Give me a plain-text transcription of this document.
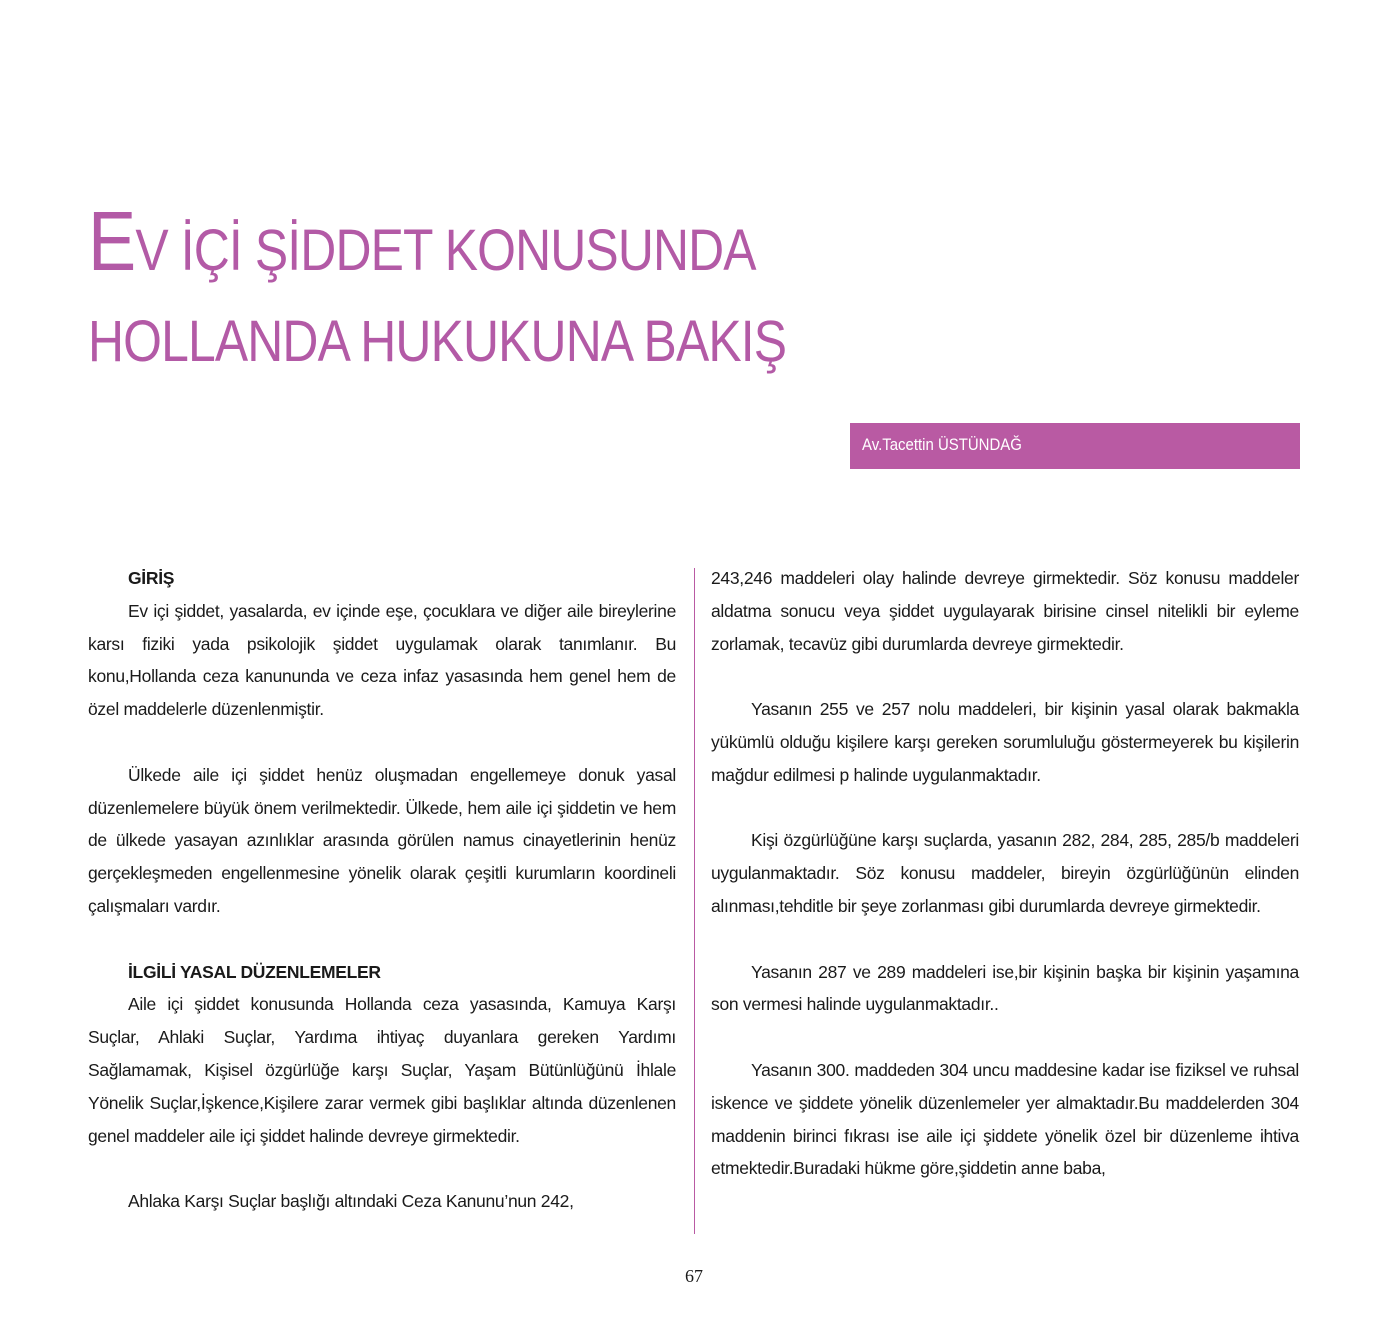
EV İÇİ ŞİDDET KONUSUNDA
HOLLANDA HUKUKUNA BAKIŞ
Av.Tacettin ÜSTÜNDAĞ
GİRİŞ

Ev içi şiddet, yasalarda, ev içinde eşe, çocuklara ve diğer aile bireylerine karsı fiziki yada psikolojik şiddet uygulamak olarak tanımlanır. Bu konu,Hollanda ceza kanununda ve ceza infaz yasasında hem genel hem de özel maddelerle düzenlenmiştir.

Ülkede aile içi şiddet henüz oluşmadan engellemeye donuk yasal düzenlemelere büyük önem verilmektedir. Ülkede, hem aile içi şiddetin ve hem de ülkede yasayan azınlıklar arasında görülen namus cinayetlerinin henüz gerçekleşmeden engellenmesine yönelik olarak çeşitli kurumların koordineli çalışmaları vardır.

İLGİLİ YASAL DÜZENLEMELER

Aile içi şiddet konusunda Hollanda ceza yasasında, Kamuya Karşı Suçlar, Ahlaki Suçlar, Yardıma ihtiyaç duyanlara gereken Yardımı Sağlamamak, Kişisel özgürlüğe karşı Suçlar, Yaşam Bütünlüğünü İhlale Yönelik Suçlar,İşkence,Kişilere zarar vermek gibi başlıklar altında düzenlenen genel maddeler aile içi şiddet halinde devreye girmektedir.

Ahlaka Karşı Suçlar başlığı altındaki Ceza Kanunu’nun 242,

243,246 maddeleri olay halinde devreye girmektedir. Söz konusu maddeler aldatma sonucu veya şiddet uygulayarak birisine cinsel nitelikli bir eyleme zorlamak, tecavüz gibi durumlarda devreye girmektedir.

Yasanın 255 ve 257 nolu maddeleri, bir kişinin yasal olarak bakmakla yükümlü olduğu kişilere karşı gereken sorumluluğu göstermeyerek bu kişilerin mağdur edilmesi p halinde uygulanmaktadır.

Kişi özgürlüğüne karşı suçlarda, yasanın 282, 284, 285, 285/b maddeleri uygulanmaktadır. Söz konusu maddeler, bireyin özgürlüğünün elinden alınması,tehditle bir şeye zorlanması gibi durumlarda devreye girmektedir.

Yasanın 287 ve 289 maddeleri ise,bir kişinin başka bir kişinin yaşamına son vermesi halinde uygulanmaktadır..

Yasanın 300. maddeden 304 uncu maddesine kadar ise fiziksel ve ruhsal iskence ve şiddete yönelik düzenlemeler yer almaktadır.Bu maddelerden 304 maddenin birinci fıkrası ise aile içi şiddete yönelik özel bir düzenleme ihtiva etmektedir.Buradaki hükme göre,şiddetin anne baba,

67
